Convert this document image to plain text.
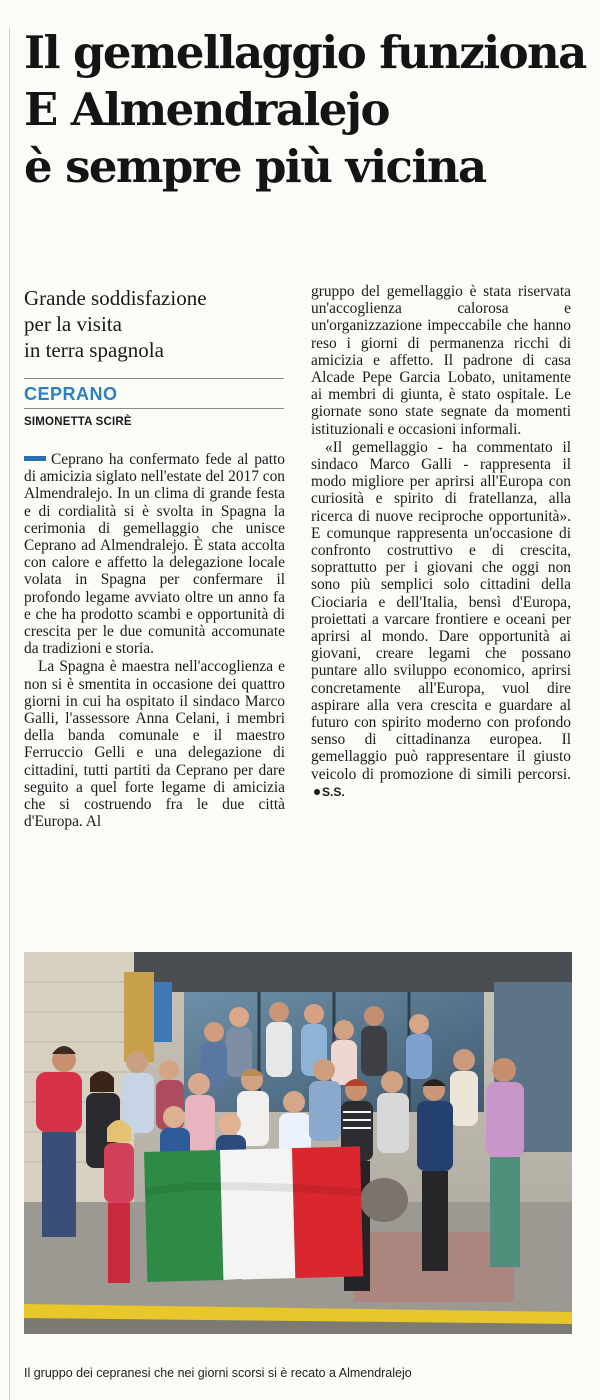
Il gemellaggio funziona
E Almendralejo
è sempre più vicina
Grande soddisfazione
per la visita
in terra spagnola
CEPRANO
SIMONETTA SCIRÈ

Ceprano ha confermato fede al patto di amicizia siglato nell'estate del 2017 con Almendralejo. In un clima di grande festa e di cordialità si è svolta in Spagna la cerimonia di gemellaggio che unisce Ceprano ad Almendralejo. È stata accolta con calore e affetto la delegazione locale volata in Spagna per confermare il profondo legame avviato oltre un anno fa e che ha prodotto scambi e opportunità di crescita per le due comunità accomunate da tradizioni e storia.

La Spagna è maestra nell'accoglienza e non si è smentita in occasione dei quattro giorni in cui ha ospitato il sindaco Marco Galli, l'assessore Anna Celani, i membri della banda comunale e il maestro Ferruccio Gelli e una delegazione di cittadini, tutti partiti da Ceprano per dare seguito a quel forte legame di amicizia che si costruendo fra le due città d'Europa. Al

gruppo del gemellaggio è stata riservata un'accoglienza calorosa e un'organizzazione impeccabile che hanno reso i giorni di permanenza ricchi di amicizia e affetto. Il padrone di casa Alcade Pepe Garcia Lobato, unitamente ai membri di giunta, è stato ospitale. Le giornate sono state segnate da momenti istituzionali e occasioni informali.

«Il gemellaggio - ha commentato il sindaco Marco Galli - rappresenta il modo migliore per aprirsi all'Europa con curiosità e spirito di fratellanza, alla ricerca di nuove reciproche opportunità». E comunque rappresenta un'occasione di confronto costruttivo e di crescita, soprattutto per i giovani che oggi non sono più semplici solo cittadini della Ciociaria e dell'Italia, bensì d'Europa, proiettati a varcare frontiere e oceani per aprirsi al mondo. Dare opportunità ai giovani, creare legami che possano puntare allo sviluppo economico, aprirsi concretamente all'Europa, vuol dire aspirare alla vera crescita e guardare al futuro con spirito moderno con profondo senso di cittadinanza europea. Il gemellaggio può rappresentare il giusto veicolo di promozione di simili percorsi.S.S.

Il gruppo dei cepranesi che nei giorni scorsi si è recato a Almendralejo
